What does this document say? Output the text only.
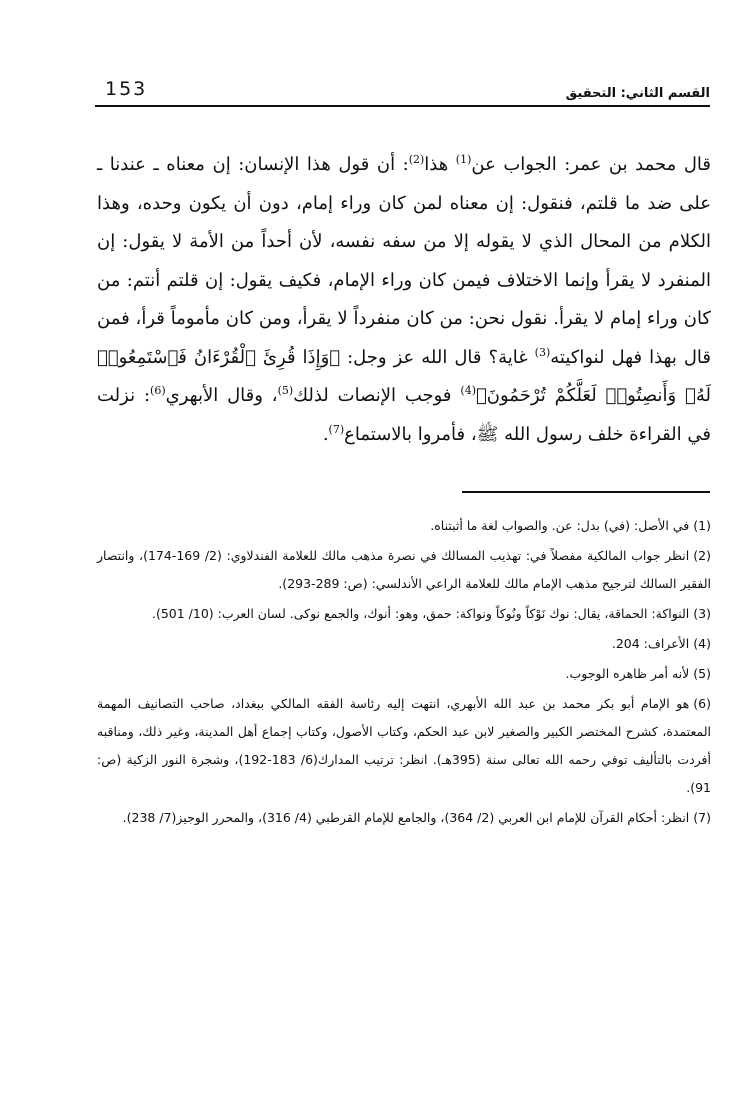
القسم الثاني: التحقيق
153
قال محمد بن عمر: الجواب عن$^{(1)}$ هذا$^{(2)}$: أن قول هذا الإنسان: إن معناه ـ عندنا ـ على ضد ما قلتم، فنقول: إن معناه لمن كان وراء إمام، دون أن يكون وحده، وهذا الكلام من المحال الذي لا يقوله إلا من سفه نفسه، لأن أحداً من الأمة لا يقول: إن المنفرد لا يقرأ وإنما الاختلاف فيمن كان وراء الإمام، فكيف يقول: إن قلتم أنتم: من كان وراء إمام لا يقرأ. نقول نحن: من كان منفرداً لا يقرأ، ومن كان مأموماً قرأ، فمن قال بهذا فهل لنواكيته$^{(3)}$ غاية؟ قال الله عز وجل: ﴿وَإِذَا قُرِئَ ٱلْقُرْءَانُ فَٱسْتَمِعُوا۟ لَهُۥ وَأَنصِتُوا۟ لَعَلَّكُمْ تُرْحَمُونَ﴾$^{(4)}$ فوجب الإنصات لذلك$^{(5)}$، وقال الأبهري$^{(6)}$: نزلت في القراءة خلف رسول الله ﷺ، فأمروا بالاستماع$^{(7)}$.

(1)في الأصل: (في) بدل: عن. والصواب لغة ما أثبتناه.

(2)انظر جواب المالكية مفصلاً في: تهذيب المسالك في نصرة مذهب مالك للعلامة الفندلاوي: (2/ 169-174)، وانتصار الفقير السالك لترجيح مذهب الإمام مالك للعلامة الراعي الأندلسي: (ص: 289-293).

(3)النواكة: الحماقة، يقال: نوك نَوْكاً ونُوكاً ونواكة: حمق، وهو: أنوك، والجمع نوكى. لسان العرب: (10/ 501).

(4)الأعراف: 204.

(5)لأنه أمر ظاهره الوجوب.

(6)هو الإمام أبو بكر محمد بن عبد الله الأبهري، انتهت إليه رئاسة الفقه المالكي ببغداد، صاحب التصانيف المهمة المعتمدة، كشرح المختصر الكبير والصغير لابن عبد الحكم، وكتاب الأصول، وكتاب إجماع أهل المدينة، وغير ذلك، ومناقبه أفردت بالتأليف توفي رحمه الله تعالى سنة (395هـ). انظر: ترتيب المدارك(6/ 183-192)، وشجرة النور الزكية (ص: 91).

(7)انظر: أحكام القرآن للإمام ابن العربي (2/ 364)، والجامع للإمام القرطبي (4/ 316)، والمحرر الوجيز(7/ 238).
